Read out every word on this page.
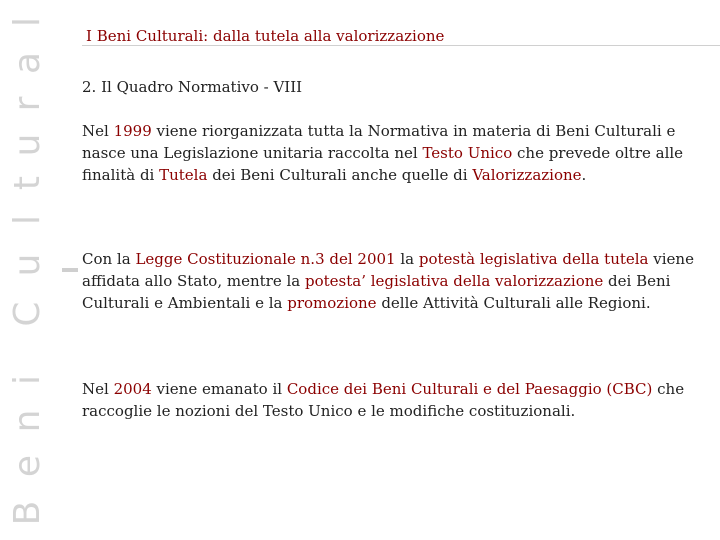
B
e
n
i
C
u
l
t
u
r
a
l
I Beni Culturali: dalla tutela alla valorizzazione
2. Il Quadro Normativo - VIII
Nel 1999 viene riorganizzata tutta la Normativa in materia di Beni Culturali e nasce una Legislazione unitaria raccolta nel Testo Unico che prevede oltre alle finalità di Tutela dei Beni Culturali anche quelle di Valorizzazione.
Con la Legge Costituzionale n.3 del 2001 la potestà legislativa della tutela viene affidata allo Stato, mentre la potesta’ legislativa della valorizzazione dei Beni Culturali e Ambientali e la promozione delle Attività Culturali alle Regioni.
Nel 2004 viene emanato il Codice dei Beni Culturali e del Paesaggio (CBC) che raccoglie le nozioni del Testo Unico e le modifiche costituzionali.
